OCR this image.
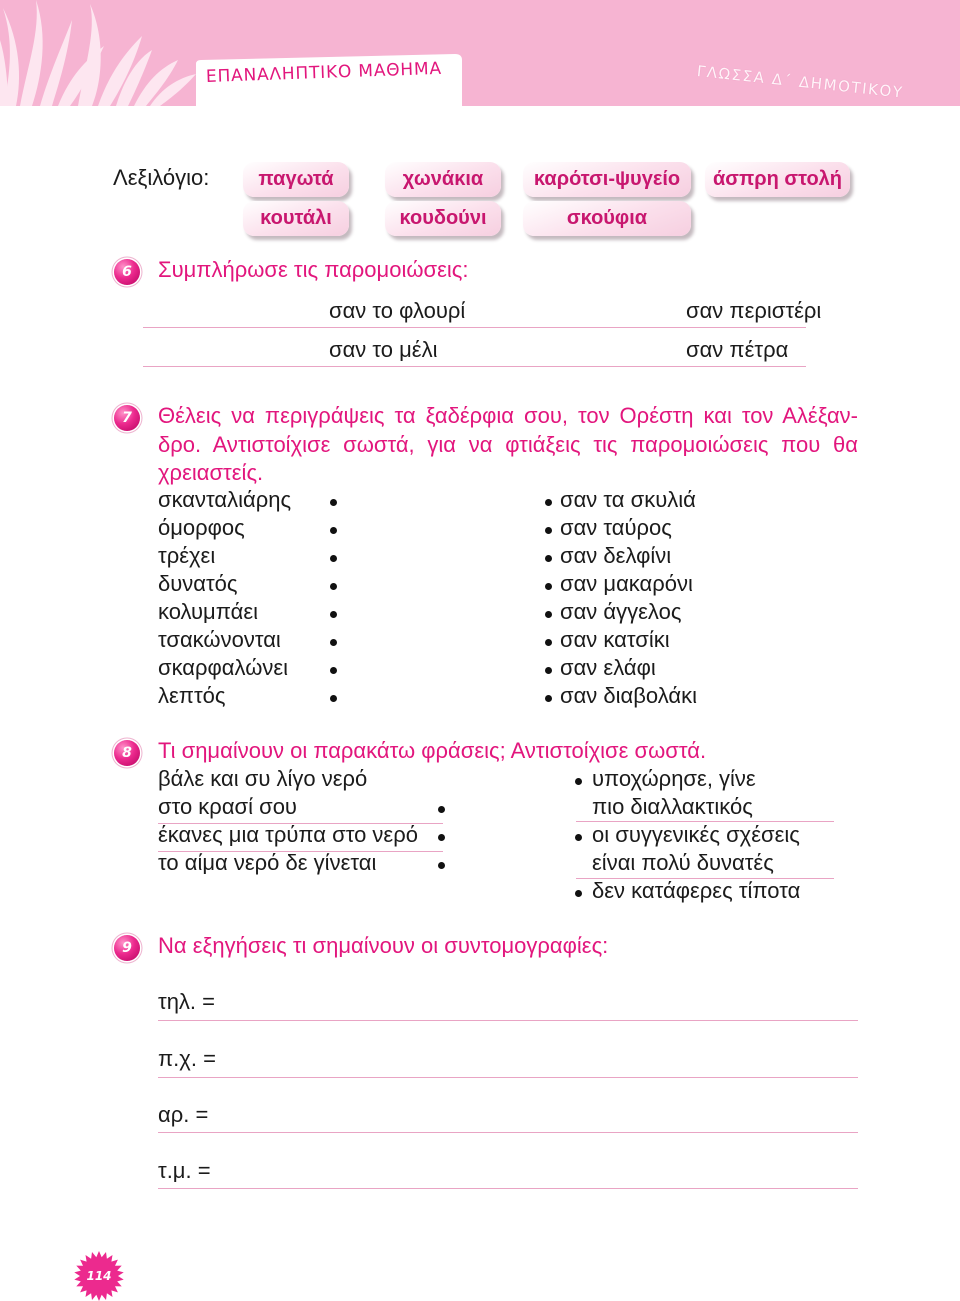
ΕΠΑΝΑΛΗΠΤΙΚΟ ΜΑΘΗΜΑ	ΓΛΩΣΣΑ Δ΄ ΔΗΜΟΤΙΚΟΥ
Λεξιλόγιο:	παγωτά	χωνάκια	καρότσι-ψυγείο	άσπρη στολή
κουτάλι	κουδούνι	σκούφια
6	Συμπλήρωσε τις παρομοιώσεις:
σαν το φλουρί	σαν περιστέρι
σαν το μέλι	σαν πέτρα
7	Θέλεις να περιγράψεις τα ξαδέρφια σου, τον Ορέστη και τον Αλέξαν-
δρο. Αντιστοίχισε σωστά, για να φτιάξεις τις παρομοιώσεις που θα
χρειαστείς.
σκανταλιάρης
όμορφος
τρέχει
δυνατός
κολυμπάει
τσακώνονται
σκαρφαλώνει
λεπτός
σαν τα σκυλιά
σαν ταύρος
σαν δελφίνι
σαν μακαρόνι
σαν άγγελος
σαν κατσίκι
σαν ελάφι
σαν διαβολάκι
8	Τι σημαίνουν οι παρακάτω φράσεις; Αντιστοίχισε σωστά.
βάλε και συ λίγο νερό
στο κρασί σου
έκανες μια τρύπα στο νερό
το αίμα νερό δε γίνεται
υποχώρησε, γίνε
πιο διαλλακτικός
οι συγγενικές σχέσεις
είναι πολύ δυνατές
δεν κατάφερες τίποτα
9	Να εξηγήσεις τι σημαίνουν οι συντομογραφίες:
τηλ. =
π.χ. =
αρ. =
τ.μ. =
114
